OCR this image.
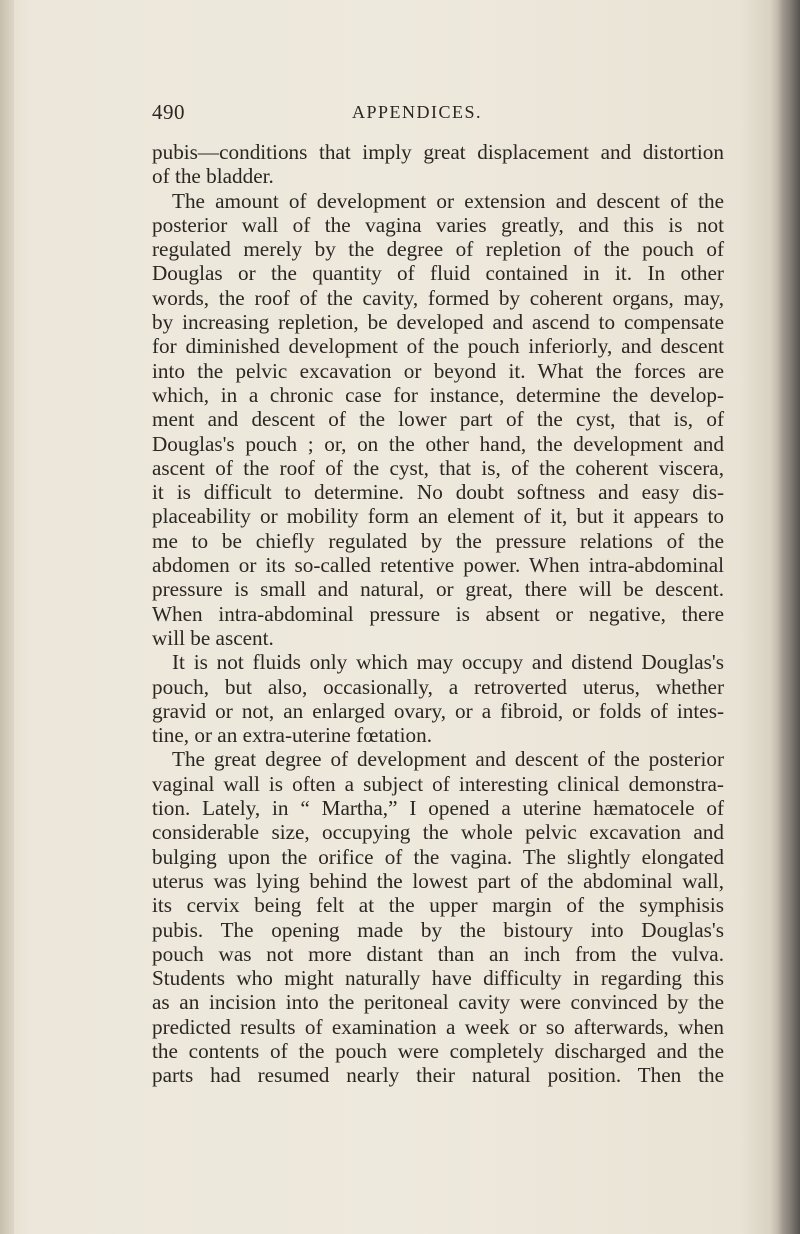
490	APPENDICES.
pubis—conditions that imply great displacement and distortion
of the bladder.
The amount of development or extension and descent of the
posterior wall of the vagina varies greatly, and this is not
regulated merely by the degree of repletion of the pouch of
Douglas or the quantity of fluid contained in it. In other
words, the roof of the cavity, formed by coherent organs, may,
by increasing repletion, be developed and ascend to compensate
for diminished development of the pouch inferiorly, and descent
into the pelvic excavation or beyond it. What the forces are
which, in a chronic case for instance, determine the develop-
ment and descent of the lower part of the cyst, that is, of
Douglas's pouch ; or, on the other hand, the development and
ascent of the roof of the cyst, that is, of the coherent viscera,
it is difficult to determine. No doubt softness and easy dis-
placeability or mobility form an element of it, but it appears to
me to be chiefly regulated by the pressure relations of the
abdomen or its so-called retentive power. When intra-abdominal
pressure is small and natural, or great, there will be descent.
When intra-abdominal pressure is absent or negative, there
will be ascent.
It is not fluids only which may occupy and distend Douglas's
pouch, but also, occasionally, a retroverted uterus, whether
gravid or not, an enlarged ovary, or a fibroid, or folds of intes-
tine, or an extra-uterine fœtation.
The great degree of development and descent of the posterior
vaginal wall is often a subject of interesting clinical demonstra-
tion. Lately, in “ Martha,” I opened a uterine hæmatocele of
considerable size, occupying the whole pelvic excavation and
bulging upon the orifice of the vagina. The slightly elongated
uterus was lying behind the lowest part of the abdominal wall,
its cervix being felt at the upper margin of the symphisis
pubis. The opening made by the bistoury into Douglas's
pouch was not more distant than an inch from the vulva.
Students who might naturally have difficulty in regarding this
as an incision into the peritoneal cavity were convinced by the
predicted results of examination a week or so afterwards, when
the contents of the pouch were completely discharged and the
parts had resumed nearly their natural position. Then the
